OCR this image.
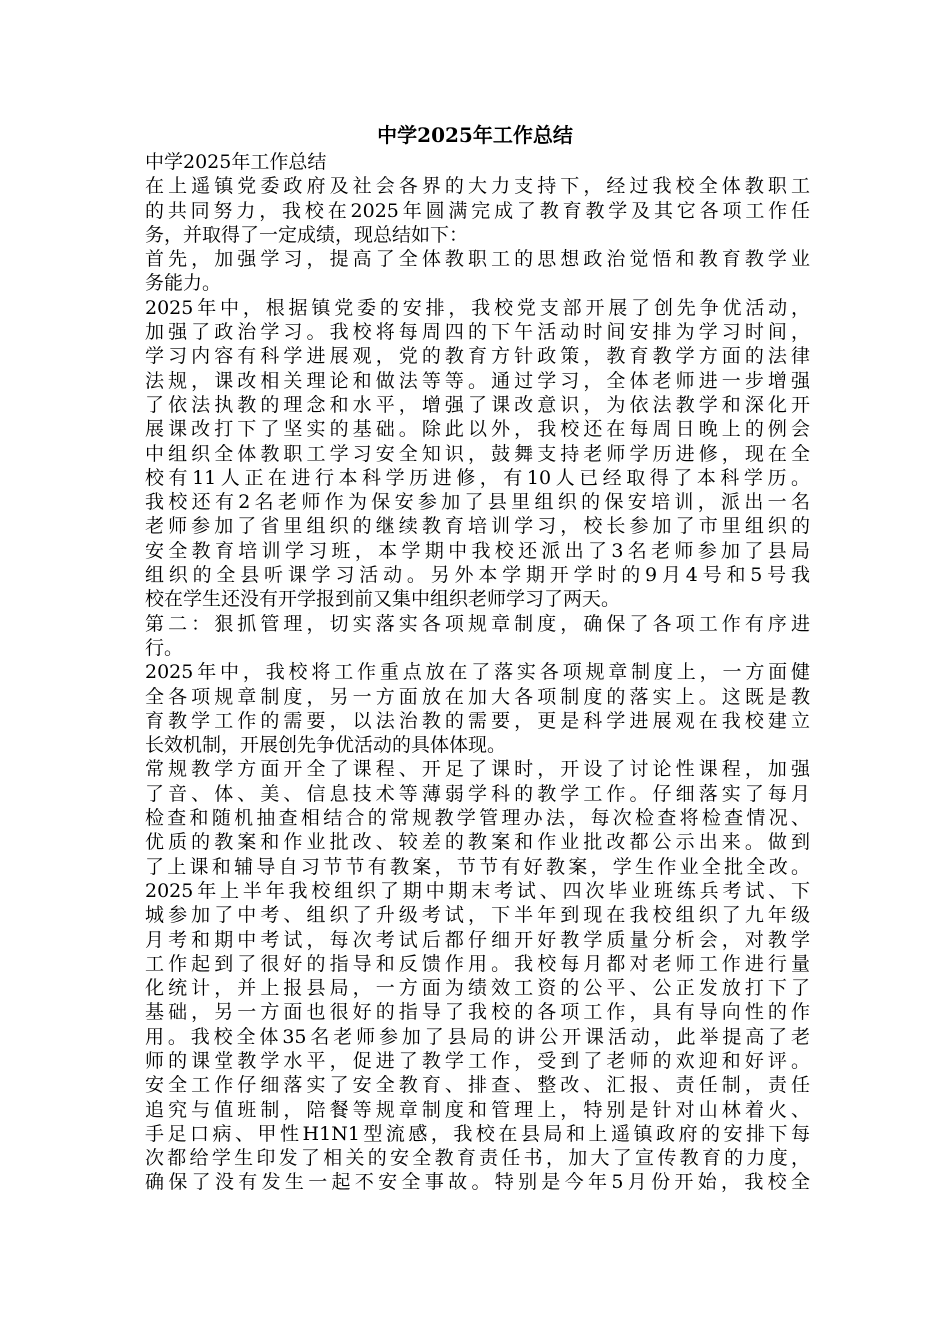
中学2025年工作总结
中学2025年工作总结
在上遥镇党委政府及社会各界的大力支持下，经过我校全体教职工
的共同努力，我校在2025年圆满完成了教育教学及其它各项工作任
务，并取得了一定成绩，现总结如下：
首先，加强学习，提高了全体教职工的思想政治觉悟和教育教学业
务能力。
2025年中，根据镇党委的安排，我校党支部开展了创先争优活动，
加强了政治学习。我校将每周四的下午活动时间安排为学习时间，
学习内容有科学进展观，党的教育方针政策，教育教学方面的法律
法规，课改相关理论和做法等等。通过学习，全体老师进一步增强
了依法执教的理念和水平，增强了课改意识，为依法教学和深化开
展课改打下了坚实的基础。除此以外，我校还在每周日晚上的例会
中组织全体教职工学习安全知识，鼓舞支持老师学历进修，现在全
校有11人正在进行本科学历进修，有10人已经取得了本科学历。
我校还有2名老师作为保安参加了县里组织的保安培训，派出一名
老师参加了省里组织的继续教育培训学习，校长参加了市里组织的
安全教育培训学习班，本学期中我校还派出了3名老师参加了县局
组织的全县听课学习活动。另外本学期开学时的9月4号和5号我
校在学生还没有开学报到前又集中组织老师学习了两天。
第二：狠抓管理，切实落实各项规章制度，确保了各项工作有序进
行。
2025年中，我校将工作重点放在了落实各项规章制度上，一方面健
全各项规章制度，另一方面放在加大各项制度的落实上。这既是教
育教学工作的需要，以法治教的需要，更是科学进展观在我校建立
长效机制，开展创先争优活动的具体体现。
常规教学方面开全了课程、开足了课时，开设了讨论性课程，加强
了音、体、美、信息技术等薄弱学科的教学工作。仔细落实了每月
检查和随机抽查相结合的常规教学管理办法，每次检查将检查情况、
优质的教案和作业批改、较差的教案和作业批改都公示出来。做到
了上课和辅导自习节节有教案，节节有好教案，学生作业全批全改。
2025年上半年我校组织了期中期末考试、四次毕业班练兵考试、下
城参加了中考、组织了升级考试，下半年到现在我校组织了九年级
月考和期中考试，每次考试后都仔细开好教学质量分析会，对教学
工作起到了很好的指导和反馈作用。我校每月都对老师工作进行量
化统计，并上报县局，一方面为绩效工资的公平、公正发放打下了
基础，另一方面也很好的指导了我校的各项工作，具有导向性的作
用。我校全体35名老师参加了县局的讲公开课活动，此举提高了老
师的课堂教学水平，促进了教学工作，受到了老师的欢迎和好评。
安全工作仔细落实了安全教育、排查、整改、汇报、责任制，责任
追究与值班制，陪餐等规章制度和管理上，特别是针对山林着火、
手足口病、甲性H1N1型流感，我校在县局和上遥镇政府的安排下每
次都给学生印发了相关的安全教育责任书，加大了宣传教育的力度，
确保了没有发生一起不安全事故。特别是今年5月份开始，我校全
